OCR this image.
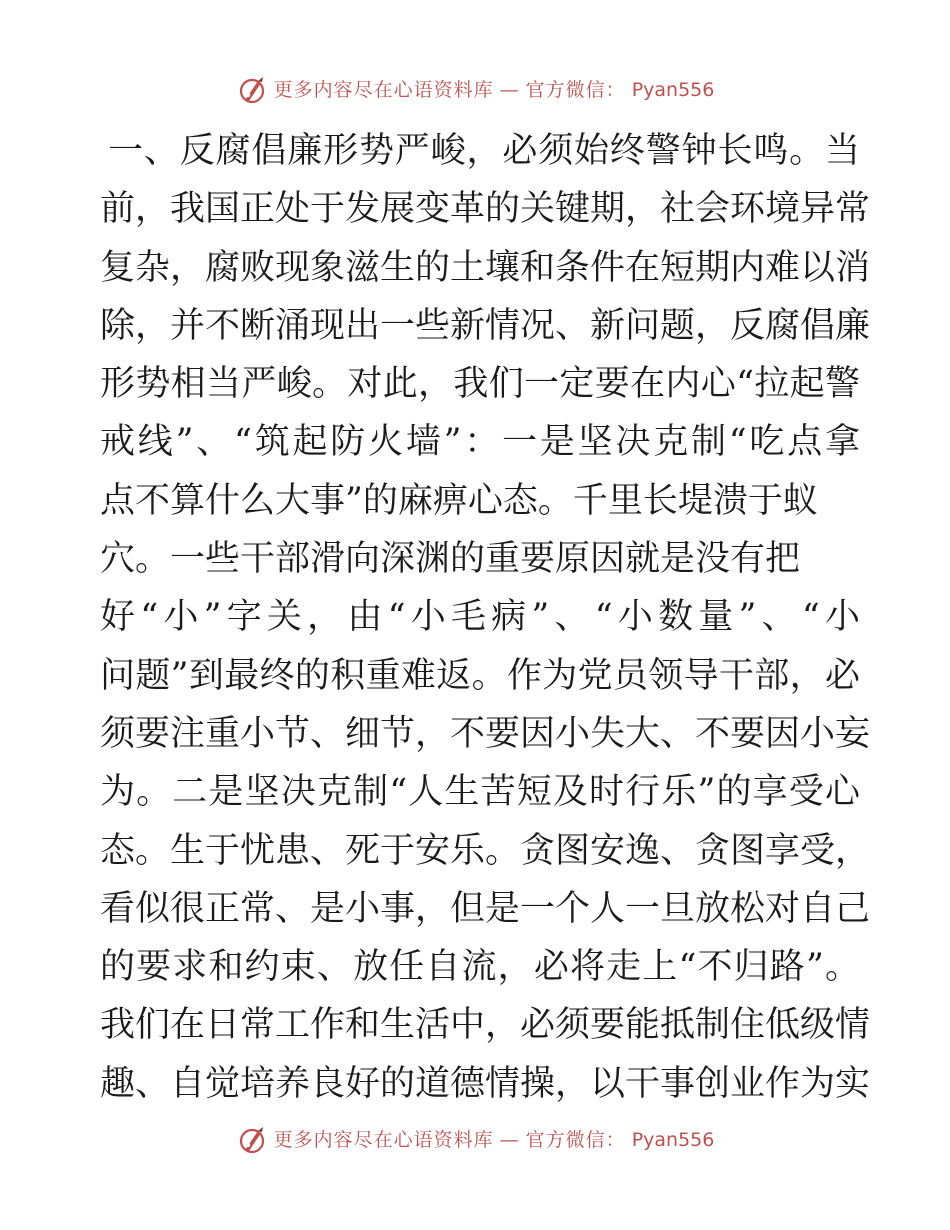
更多内容尽在心语资料库 — 官方微信： Pyan556
一、反腐倡廉形势严峻，必须始终警钟长鸣。当
前，我国正处于发展变革的关键期，社会环境异常
复杂，腐败现象滋生的土壤和条件在短期内难以消
除，并不断涌现出一些新情况、新问题，反腐倡廉
形势相当严峻。对此，我们一定要在内心“拉起警
戒线”、“筑起防火墙”：一是坚决克制“吃点拿
点不算什么大事”的麻痹心态。千里长堤溃于蚁
穴。一些干部滑向深渊的重要原因就是没有把
好“小”字关，由“小毛病”、“小数量”、“小
问题”到最终的积重难返。作为党员领导干部，必
须要注重小节、细节，不要因小失大、不要因小妄
为。二是坚决克制“人生苦短及时行乐”的享受心
态。生于忧患、死于安乐。贪图安逸、贪图享受，
看似很正常、是小事，但是一个人一旦放松对自己
的要求和约束、放任自流，必将走上“不归路”。
我们在日常工作和生活中，必须要能抵制住低级情
趣、自觉培养良好的道德情操，以干事创业作为实
更多内容尽在心语资料库 — 官方微信： Pyan556
